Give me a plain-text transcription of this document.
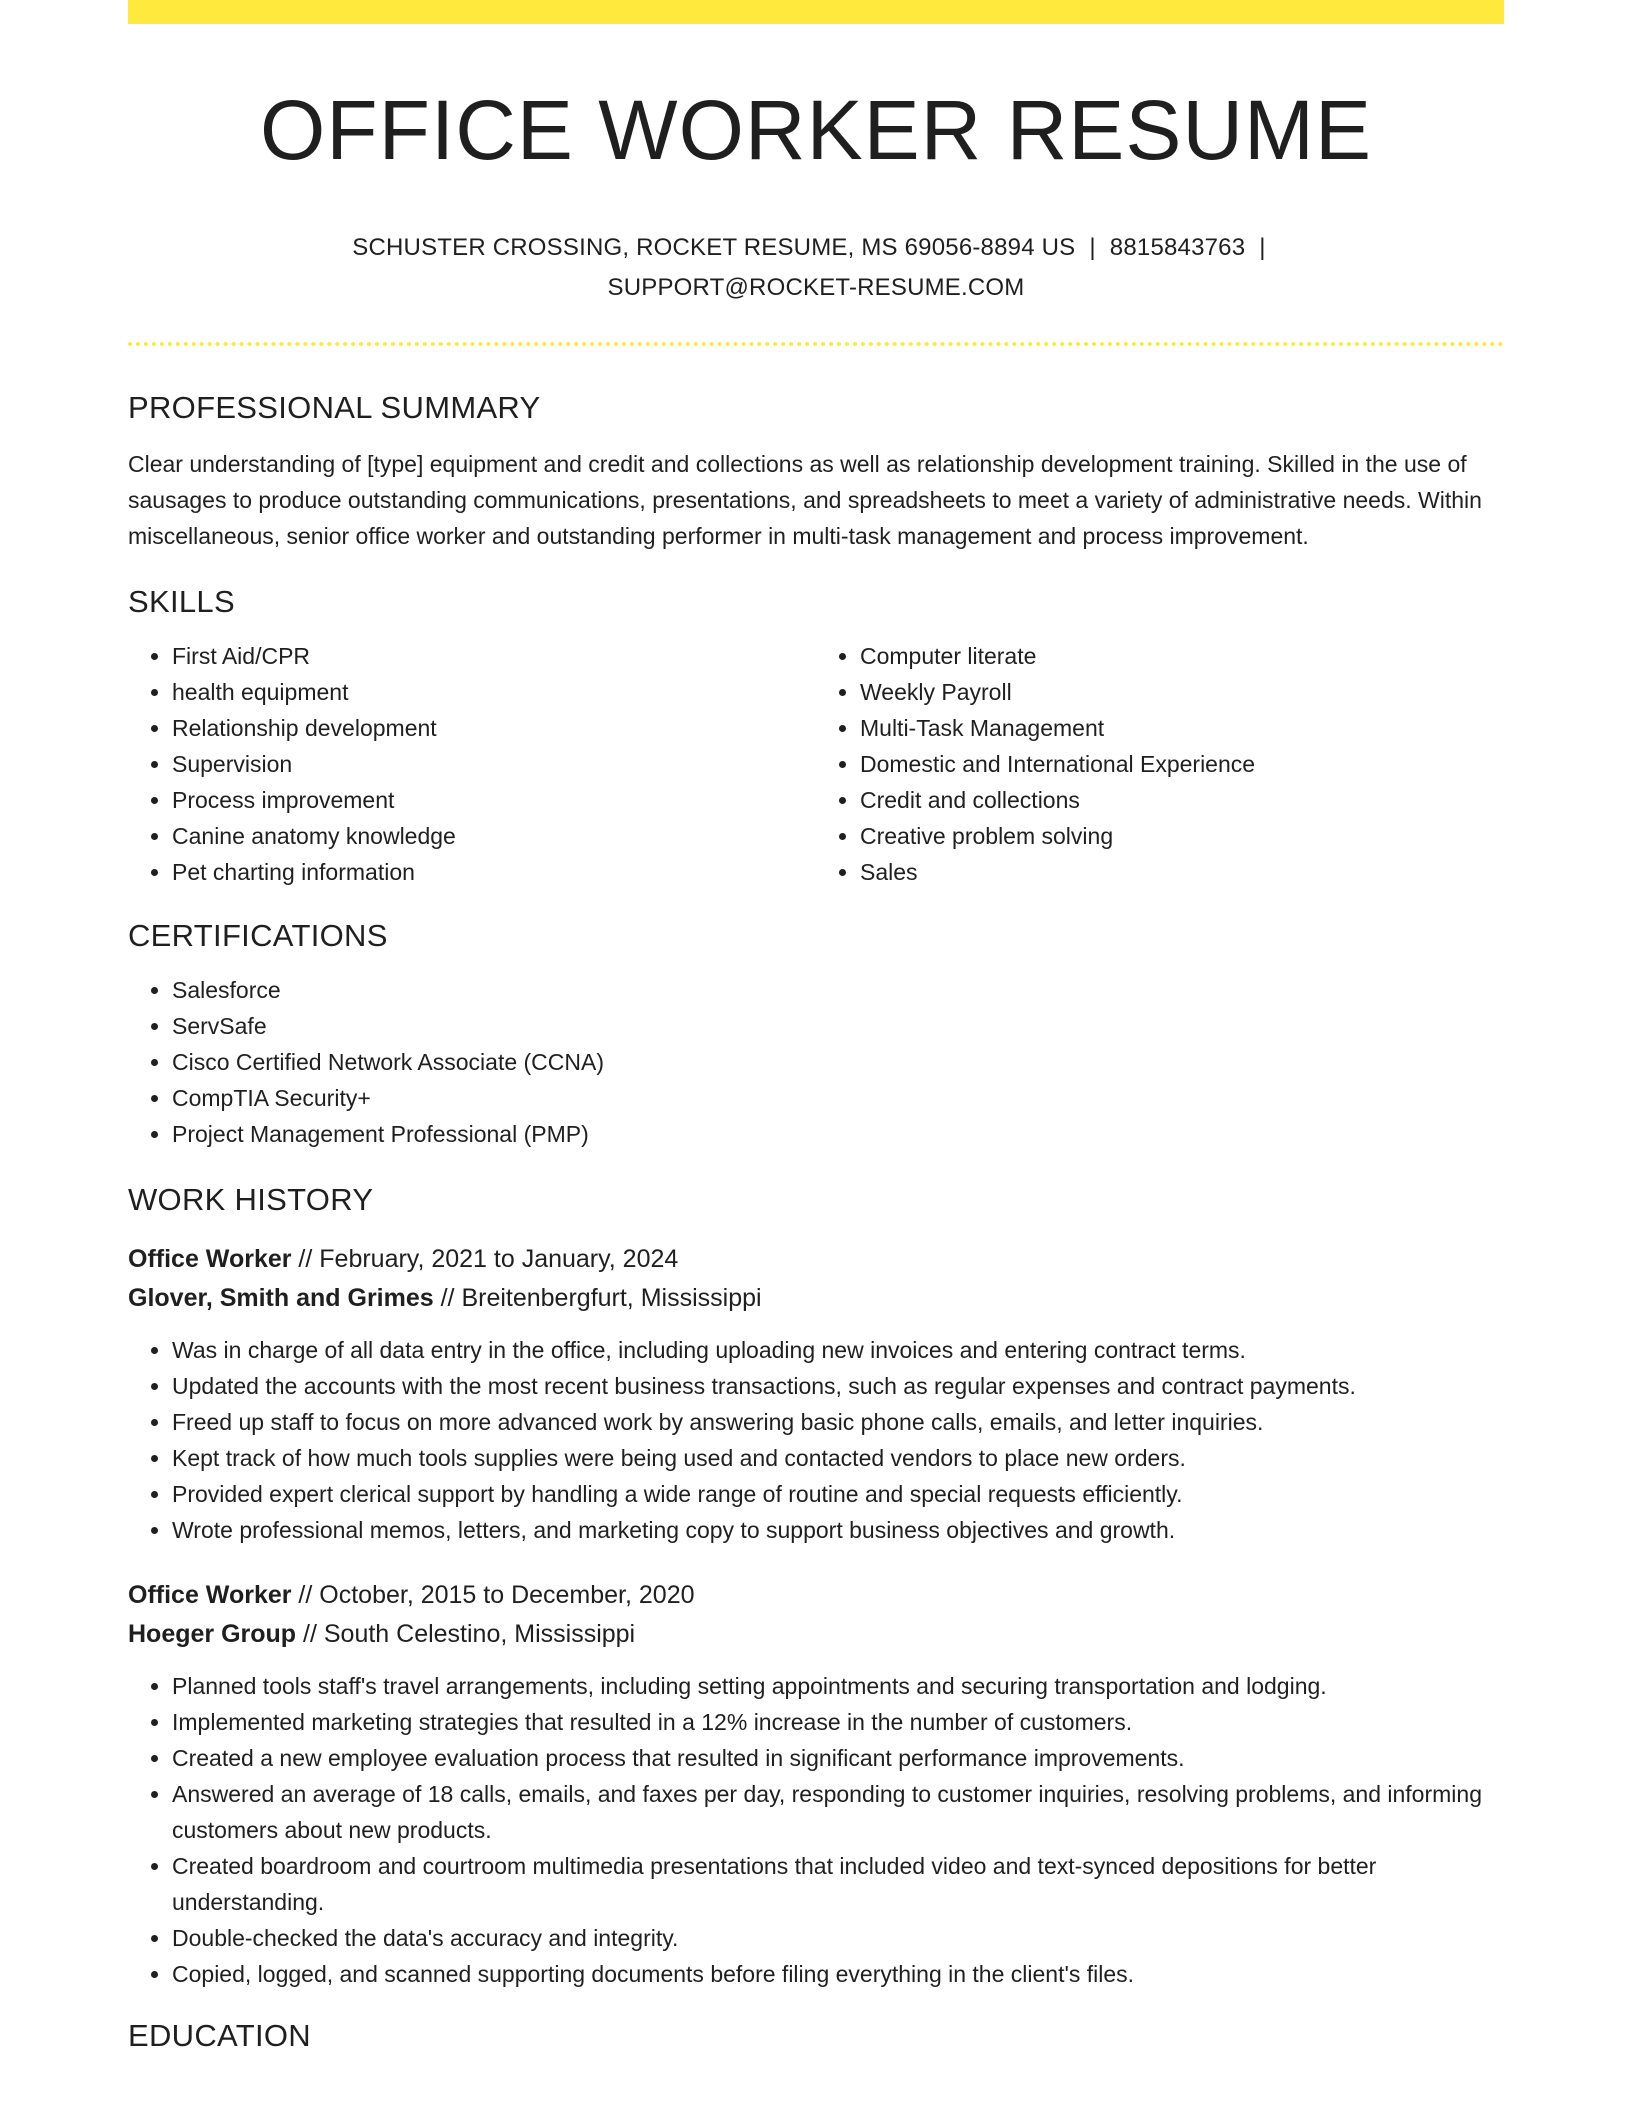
OFFICE WORKER RESUME
SCHUSTER CROSSING, ROCKET RESUME, MS 69056-8894 US | 8815843763 |
SUPPORT@ROCKET-RESUME.COM
PROFESSIONAL SUMMARY
Clear understanding of [type] equipment and credit and collections as well as relationship development training. Skilled in the use of sausages to produce outstanding communications, presentations, and spreadsheets to meet a variety of administrative needs. Within miscellaneous, senior office worker and outstanding performer in multi-task management and process improvement.
SKILLS
• First Aid/CPR
• health equipment
• Relationship development
• Supervision
• Process improvement
• Canine anatomy knowledge
• Pet charting information
• Computer literate
• Weekly Payroll
• Multi-Task Management
• Domestic and International Experience
• Credit and collections
• Creative problem solving
• Sales
CERTIFICATIONS
• Salesforce
• ServSafe
• Cisco Certified Network Associate (CCNA)
• CompTIA Security+
• Project Management Professional (PMP)
WORK HISTORY
Office Worker // February, 2021 to January, 2024
Glover, Smith and Grimes // Breitenbergfurt, Mississippi
• Was in charge of all data entry in the office, including uploading new invoices and entering contract terms.
• Updated the accounts with the most recent business transactions, such as regular expenses and contract payments.
• Freed up staff to focus on more advanced work by answering basic phone calls, emails, and letter inquiries.
• Kept track of how much tools supplies were being used and contacted vendors to place new orders.
• Provided expert clerical support by handling a wide range of routine and special requests efficiently.
• Wrote professional memos, letters, and marketing copy to support business objectives and growth.
Office Worker // October, 2015 to December, 2020
Hoeger Group // South Celestino, Mississippi
• Planned tools staff's travel arrangements, including setting appointments and securing transportation and lodging.
• Implemented marketing strategies that resulted in a 12% increase in the number of customers.
• Created a new employee evaluation process that resulted in significant performance improvements.
• Answered an average of 18 calls, emails, and faxes per day, responding to customer inquiries, resolving problems, and informing customers about new products.
• Created boardroom and courtroom multimedia presentations that included video and text-synced depositions for better understanding.
• Double-checked the data's accuracy and integrity.
• Copied, logged, and scanned supporting documents before filing everything in the client's files.
EDUCATION
